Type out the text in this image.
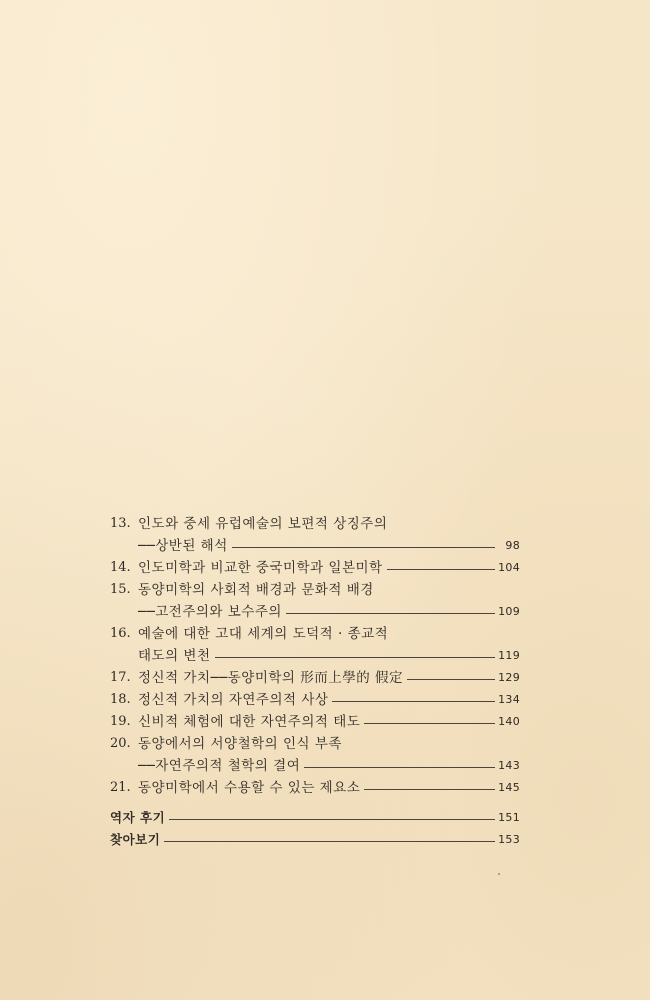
13. 인도와 중세 유럽예술의 보편적 상징주의
──상반된 해석	98
14. 인도미학과 비교한 중국미학과 일본미학	104
15. 동양미학의 사회적 배경과 문화적 배경
──고전주의와 보수주의	109
16. 예술에 대한 고대 세계의 도덕적 · 종교적
태도의 변천	119
17. 정신적 가치──동양미학의 形而上學的 假定	129
18. 정신적 가치의 자연주의적 사상	134
19. 신비적 체험에 대한 자연주의적 태도	140
20. 동양에서의 서양철학의 인식 부족
──자연주의적 철학의 결여	143
21. 동양미학에서 수용할 수 있는 제요소	145
역자 후기	151
찾아보기	153
